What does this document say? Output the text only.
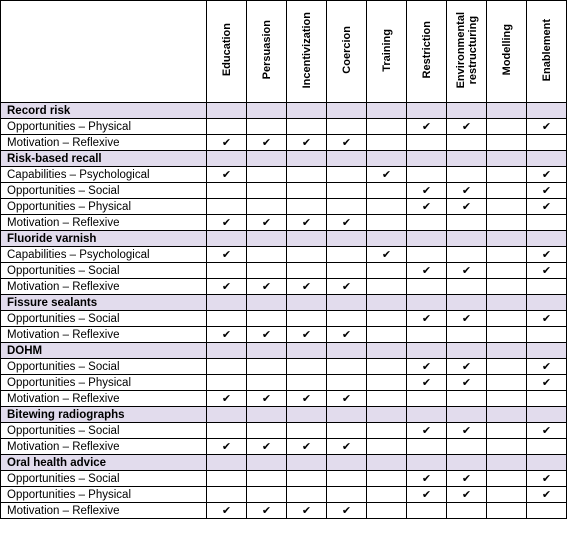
	Education	Persuasion	Incentivization	Coercion	Training	Restriction	Environmental
restructuring	Modelling	Enablement
Record risk									
Opportunities – Physical						✔	✔		✔
Motivation – Reflexive	✔	✔	✔	✔					
Risk-based recall									
Capabilities – Psychological	✔				✔				✔
Opportunities – Social						✔	✔		✔
Opportunities – Physical						✔	✔		✔
Motivation – Reflexive	✔	✔	✔	✔					
Fluoride varnish									
Capabilities – Psychological	✔				✔				✔
Opportunities – Social						✔	✔		✔
Motivation – Reflexive	✔	✔	✔	✔					
Fissure sealants									
Opportunities – Social						✔	✔		✔
Motivation – Reflexive	✔	✔	✔	✔					
DOHM									
Opportunities – Social						✔	✔		✔
Opportunities – Physical						✔	✔		✔
Motivation – Reflexive	✔	✔	✔	✔					
Bitewing radiographs									
Opportunities – Social						✔	✔		✔
Motivation – Reflexive	✔	✔	✔	✔					
Oral health advice									
Opportunities – Social						✔	✔		✔
Opportunities – Physical						✔	✔		✔
Motivation – Reflexive	✔	✔	✔	✔					
